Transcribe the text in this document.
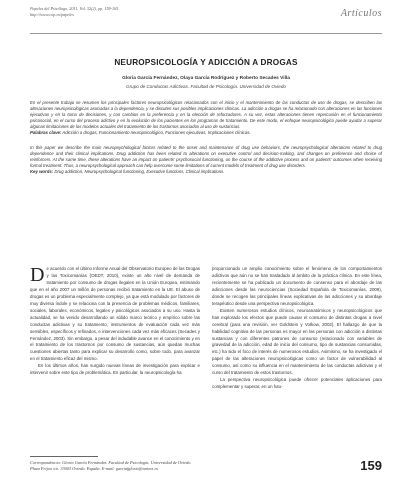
Papeles del Psicólogo, 2011. Vol. 32(2), pp. 159-165
http://www.cop.es/papeles	Artículos
NEUROPSICOLOGÍA Y ADICCIÓN A DROGAS
Gloria García Fernández, Olaya García Rodríguez y Roberto Secades Villa
Grupo de Conductas Adictivas. Facultad de Psicología. Universidad de Oviedo

En el presente trabajo se resumen los principales factores neuropsicológicos relacionados con el inicio y el mantenimiento de las conductas de uso de drogas, se describen las alteraciones neuropsicológicas asociadas a la dependencia, y se discuten sus posibles implicaciones clínicas. La adicción a drogas se ha relacionado con alteraciones en las funciones ejecutivas y en la toma de decisiones, y con cambios en la preferencia y en la elección de reforzadores. A su vez, estas alteraciones tienen repercusión en el funcionamiento psicosocial, en el curso del proceso adictivo y en la evolución de los pacientes en los programas de tratamiento. De este modo, el enfoque neuropsicológico puede ayudar a superar algunas limitaciones de los modelos actuales del tratamiento de los trastornos asociados al uso de sustancias.

Palabras clave: Adicción a drogas, Funcionamiento neuropsicológico, Funciones ejecutivas, Implicaciones clínicas.

In this paper we describe the main neuropsychological factors related to the onset and maintenance of drug use behaviors, the neuropsychological alterations related to drug dependence and their clinical implications. Drug addiction has been related to alterations on executive control and decision-making, and changes on preference and choice of reinforcers. At the same time, these alterations have an impact on patients' psychosocial functioning, on the course of the addictive process and on patients' outcomes when receiving formal treatment. Thus, a neuropsychological approach can help overcome some limitations of current models of treatment of drug use disorders.

Key words: Drug addiction, Neuropsychological functioning, Executive functions, Clinical implications.

De acuerdo con el último Informe Anual del Observatorio Europeo de las Drogas y las Toxicomanías (OEDT, 2010), existe un alto nivel de demanda de tratamiento por consumo de drogas ilegales en la Unión Europea, estimando que en el año 2007 un millón de personas recibió tratamiento en la UE. El abuso de drogas es un problema especialmente complejo, ya que está modulado por factores de muy diversa índole y se relaciona con la presencia de problemas médicos, familiares, sociales, laborales, económicos, legales y psicológicos asociados a su uso. Hasta la actualidad, se ha venido desarrollando un sólido marco teórico y empírico sobre las conductas adictivas y su tratamiento, instrumentos de evaluación cada vez más sensibles, específicos y refinados, e intervenciones cada vez más eficaces (Secades y Fernández, 2003). Sin embargo, a pesar del indudable avance en el conocimiento y en el tratamiento de los trastornos por consumo de sustancias, aún quedan muchas cuestiones abiertas tanto para explicar su desarrollo como, sobre todo, para avanzar en el tratamiento eficaz del mismo.

En los últimos años, han surgido nuevas líneas de investigación para explicar e intervenir sobre este tipo de problemática. En particular, la neuropsicología ha

proporcionado un amplio conocimiento sobre el fenómeno de los comportamientos adictivos que aún no se han trasladado al ámbito de la práctica clínica. En este línea, recientemente se ha publicado un documento de consenso para el abordaje de las adicciones desde las neurociencias (Sociedad Española de Toxicomanías, 2009), donde se recogen las principales líneas explicativas de las adicciones y su abordaje terapéutico desde una perspectiva neuropsicológica.

Existen numerosos estudios clínicos, neuroanatómicos y neuropsicológicos que han explorado los efectos que puede causar el consumo de distintas drogas a nivel cerebral (para una revisión, ver Goldstein y Volkow, 2002). El hallazgo de que la habilidad cognitiva de las personas es mayor en las personas con adicción a distintas sustancias y con diferentes patrones de consumo (relacionado con variables de gravedad de la adicción, edad de inicio del consumo, tipo de sustancias consumidas, etc.) ha sido el foco de interés de numerosos estudios. Asimismo, se ha investigado el papel de las alteraciones neuropsicológicas como un factor de vulnerabilidad al consumo, así como su influencia en el mantenimiento de las conductas adictivas y el curso del tratamiento de estos trastornos.

La perspectiva neuropsicológica puede ofrecer potenciales aplicaciones para complementar y superar, en un futu-

Correspondencia: Gloria García Fernández. Facultad de Psicología. Universidad de Oviedo. Plaza Feijoo s/n. 33003 Oviedo. España. E-mail: garciafgloria@uniovi.es	159
